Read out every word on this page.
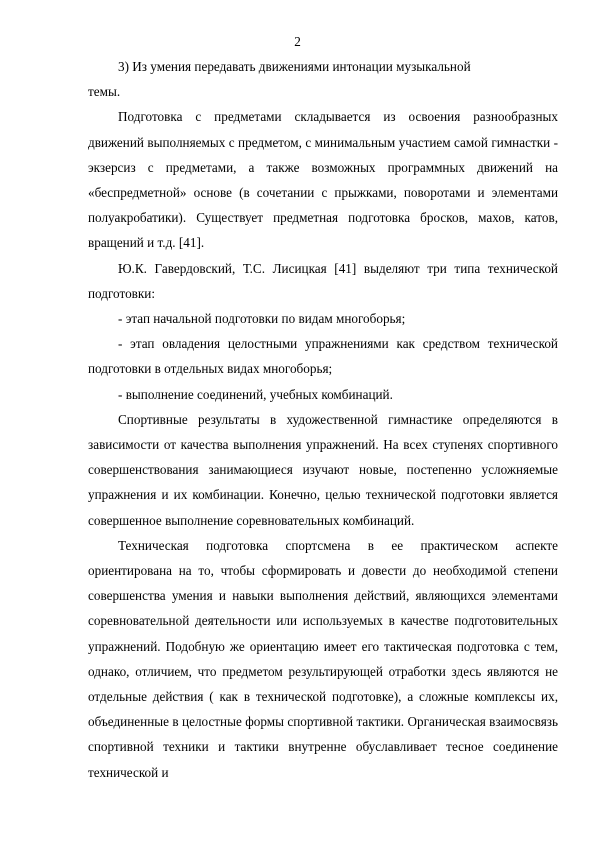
2

3) Из умения передавать движениями интонации музыкальной темы.

Подготовка с предметами складывается из освоения разнообразных движений выполняемых с предметом, с минимальным участием самой гимнастки - экзерсиз с предметами, а также возможных программных движений на «беспредметной» основе (в сочетании с прыжками, поворотами и элементами полуакробатики). Существует предметная подготовка бросков, махов, катов, вращений и т.д. [41].

Ю.К. Гавердовский, Т.С. Лисицкая [41] выделяют три типа технической подготовки:

- этап начальной подготовки по видам многоборья;

- этап овладения целостными упражнениями как средством технической подготовки в отдельных видах многоборья;

- выполнение соединений, учебных комбинаций.

Спортивные результаты в художественной гимнастике определяются в зависимости от качества выполнения упражнений. На всех ступенях спортивного совершенствования занимающиеся изучают новые, постепенно усложняемые упражнения и их комбинации. Конечно, целью технической подготовки является совершенное выполнение соревновательных комбинаций.

Техническая подготовка спортсмена в ее практическом аспекте ориентирована на то, чтобы сформировать и довести до необходимой степени совершенства умения и навыки выполнения действий, являющихся элементами соревновательной деятельности или используемых в качестве подготовительных упражнений. Подобную же ориентацию имеет его тактическая подготовка с тем, однако, отличием, что предметом результирующей отработки здесь являются не отдельные действия ( как в технической подготовке), а сложные комплексы их, объединенные в целостные формы спортивной тактики. Органическая взаимосвязь спортивной техники и тактики внутренне обуславливает тесное соединение технической и
